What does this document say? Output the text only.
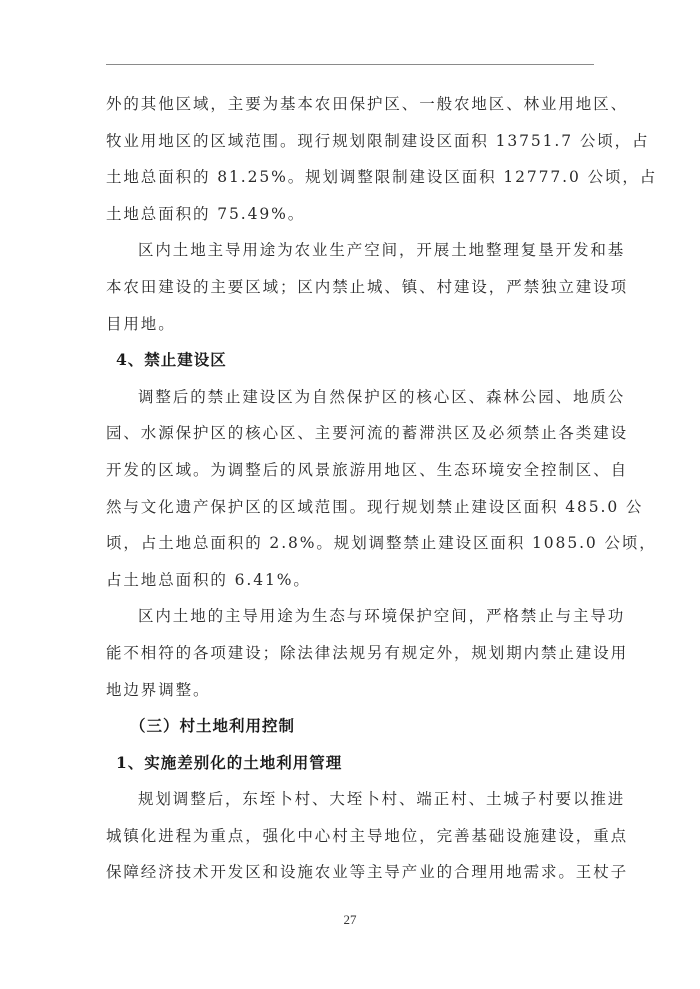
外的其他区域，主要为基本农田保护区、一般农地区、林业用地区、
牧业用地区的区域范围。现行规划限制建设区面积 13751.7 公顷，占
土地总面积的 81.25%。规划调整限制建设区面积 12777.0 公顷，占
土地总面积的 75.49%。
区内土地主导用途为农业生产空间，开展土地整理复垦开发和基
本农田建设的主要区域；区内禁止城、镇、村建设，严禁独立建设项
目用地。
4、禁止建设区
调整后的禁止建设区为自然保护区的核心区、森林公园、地质公
园、水源保护区的核心区、主要河流的蓄滞洪区及必须禁止各类建设
开发的区域。为调整后的风景旅游用地区、生态环境安全控制区、自
然与文化遗产保护区的区域范围。现行规划禁止建设区面积 485.0 公
顷，占土地总面积的 2.8%。规划调整禁止建设区面积 1085.0 公顷，
占土地总面积的 6.41%。
区内土地的主导用途为生态与环境保护空间，严格禁止与主导功
能不相符的各项建设；除法律法规另有规定外，规划期内禁止建设用
地边界调整。
（三）村土地利用控制
1、实施差别化的土地利用管理
规划调整后，东垤卜村、大垤卜村、端正村、土城子村要以推进
城镇化进程为重点，强化中心村主导地位，完善基础设施建设，重点
保障经济技术开发区和设施农业等主导产业的合理用地需求。王杖子
27
